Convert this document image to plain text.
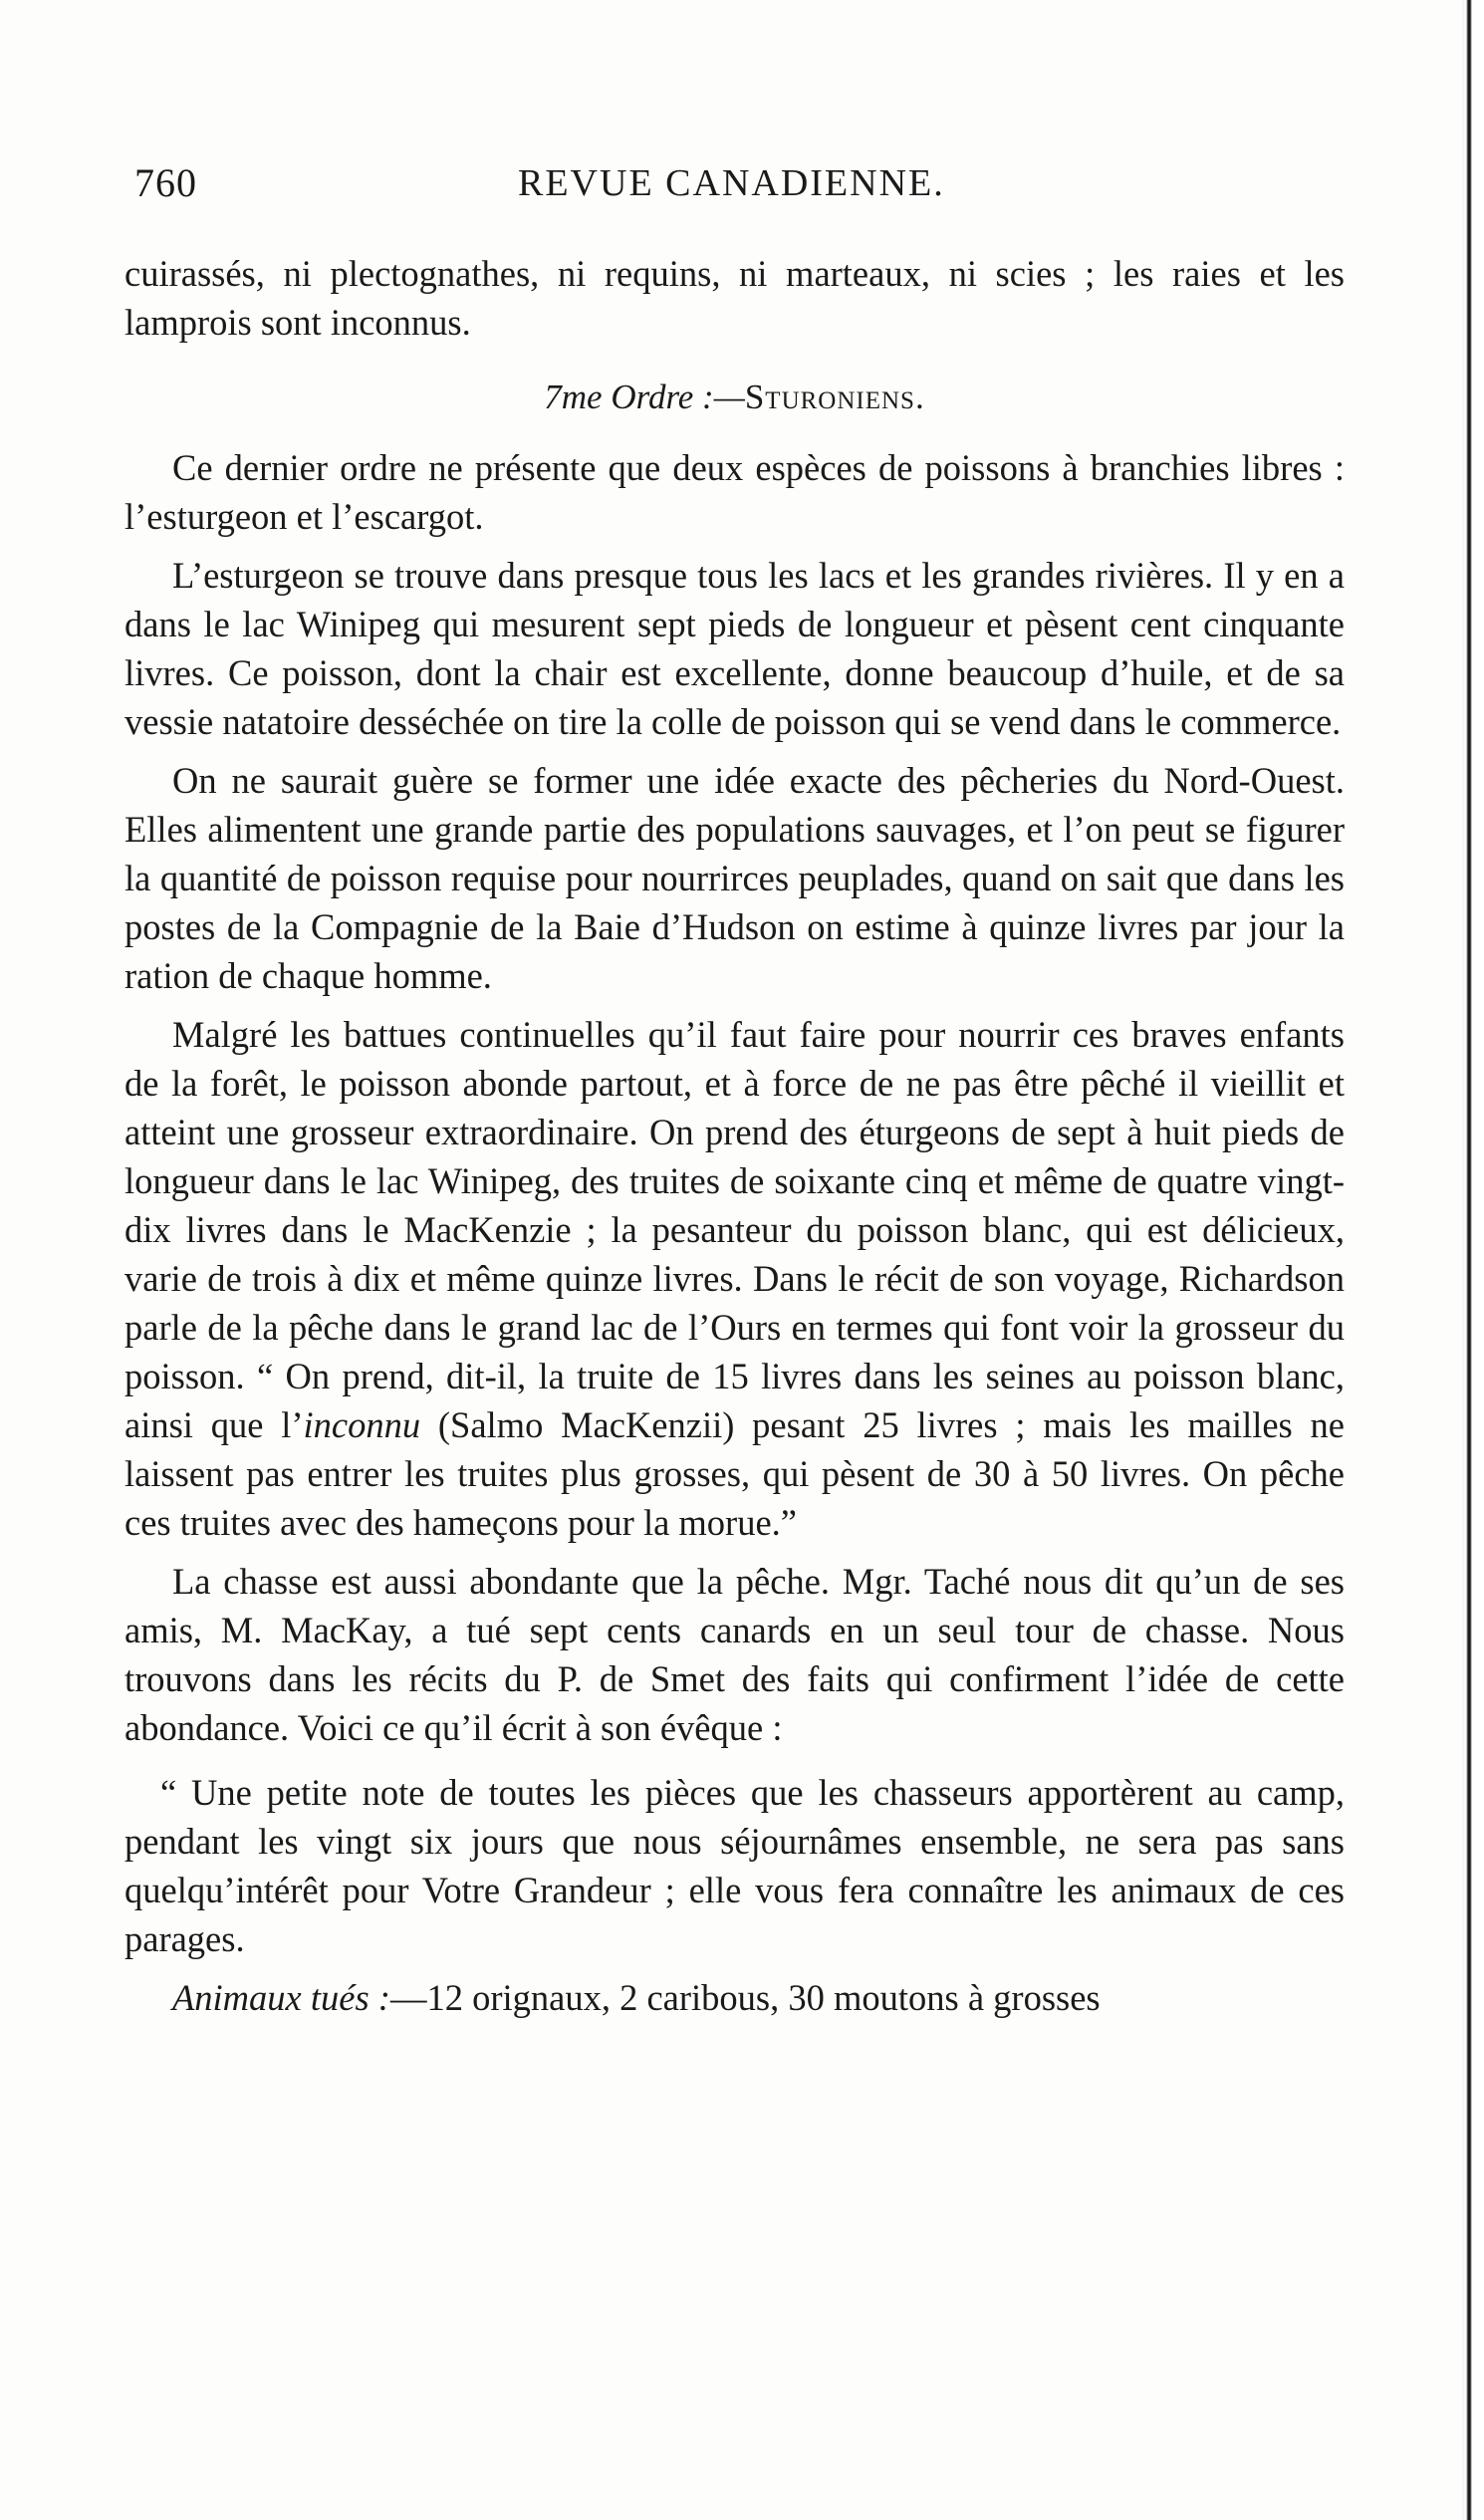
760	REVUE CANADIENNE.

cuirassés, ni plectognathes, ni requins, ni marteaux, ni scies ; les raies et les lamprois sont inconnus.

7me Ordre :—Sturoniens.

Ce dernier ordre ne présente que deux espèces de poissons à branchies libres : l’esturgeon et l’escargot.

L’esturgeon se trouve dans presque tous les lacs et les grandes rivières. Il y en a dans le lac Winipeg qui mesurent sept pieds de longueur et pèsent cent cinquante livres. Ce poisson, dont la chair est excellente, donne beaucoup d’huile, et de sa vessie natatoire desséchée on tire la colle de poisson qui se vend dans le commerce.

On ne saurait guère se former une idée exacte des pêcheries du Nord-Ouest. Elles alimentent une grande partie des populations sauvages, et l’on peut se figurer la quantité de poisson requise pour nourrirces peuplades, quand on sait que dans les postes de la Compagnie de la Baie d’Hudson on estime à quinze livres par jour la ration de chaque homme.

Malgré les battues continuelles qu’il faut faire pour nourrir ces braves enfants de la forêt, le poisson abonde partout, et à force de ne pas être pêché il vieillit et atteint une grosseur extraordinaire. On prend des éturgeons de sept à huit pieds de longueur dans le lac Winipeg, des truites de soixante cinq et même de quatre vingt-dix livres dans le MacKenzie ; la pesanteur du poisson blanc, qui est délicieux, varie de trois à dix et même quinze livres. Dans le récit de son voyage, Richardson parle de la pêche dans le grand lac de l’Ours en termes qui font voir la grosseur du poisson. “ On prend, dit-il, la truite de 15 livres dans les seines au poisson blanc, ainsi que l’inconnu (Salmo MacKenzii) pesant 25 livres ; mais les mailles ne laissent pas entrer les truites plus grosses, qui pèsent de 30 à 50 livres. On pêche ces truites avec des hameçons pour la morue.”

La chasse est aussi abondante que la pêche. Mgr. Taché nous dit qu’un de ses amis, M. MacKay, a tué sept cents canards en un seul tour de chasse. Nous trouvons dans les récits du P. de Smet des faits qui confirment l’idée de cette abondance. Voici ce qu’il écrit à son évêque :

“ Une petite note de toutes les pièces que les chasseurs apportèrent au camp, pendant les vingt six jours que nous séjournâmes ensemble, ne sera pas sans quelqu’intérêt pour Votre Grandeur ; elle vous fera connaître les animaux de ces parages.

Animaux tués :—12 orignaux, 2 caribous, 30 moutons à grosses
